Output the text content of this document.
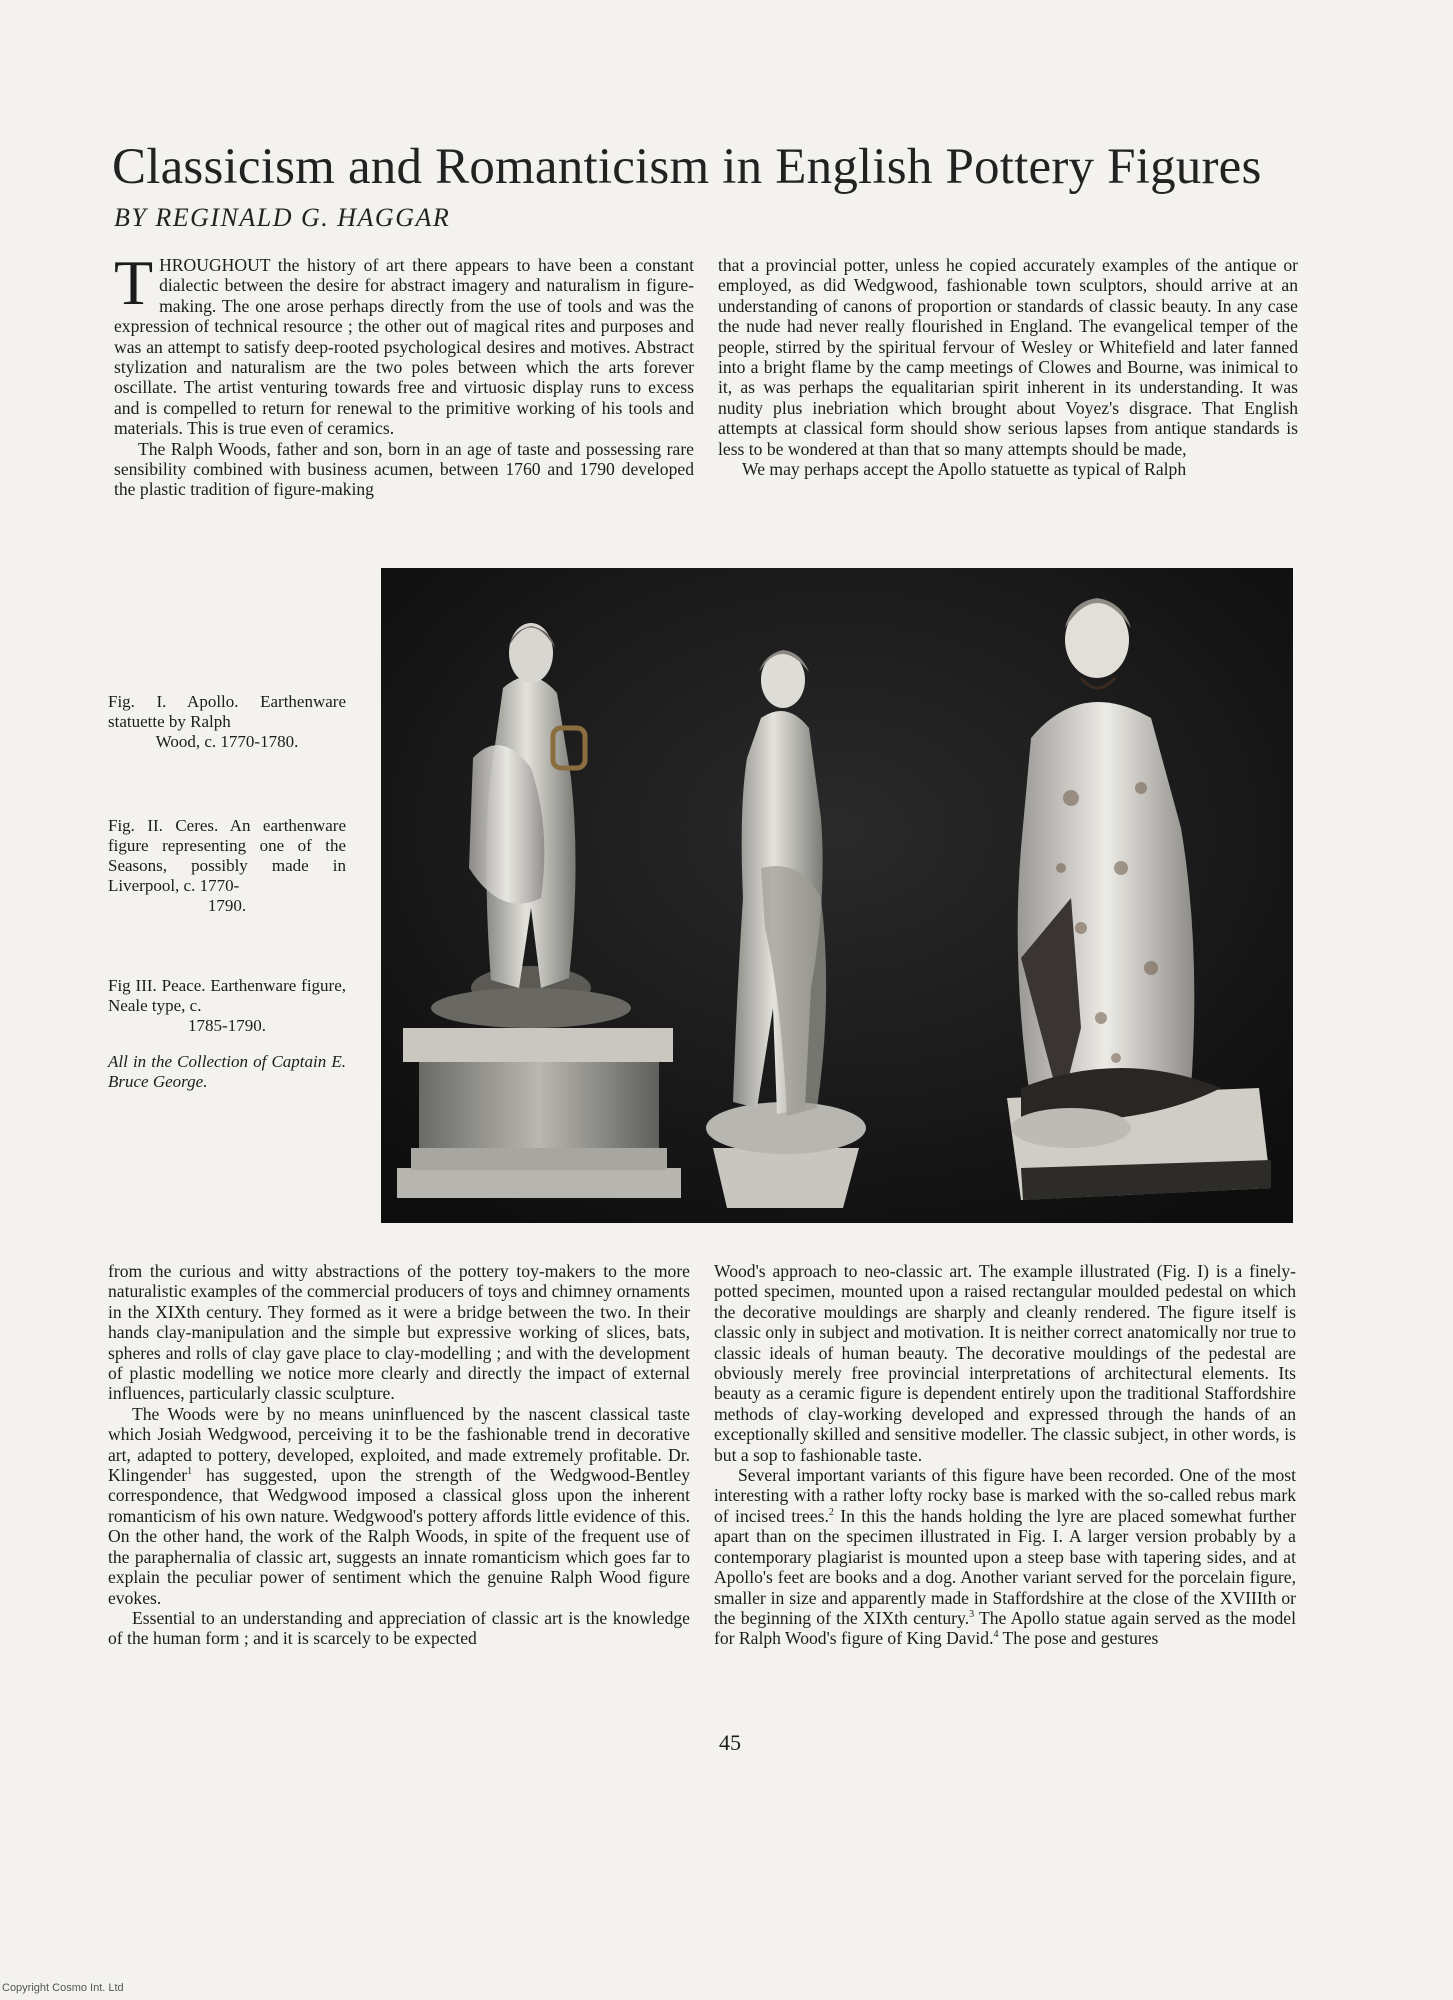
Classicism and Romanticism in English Pottery Figures
BY REGINALD G. HAGGAR

THROUGHOUT the history of art there appears to have been a constant dialectic between the desire for abstract imagery and naturalism in figure-making. The one arose perhaps directly from the use of tools and was the expression of technical resource ; the other out of magical rites and purposes and was an attempt to satisfy deep-rooted psychological desires and motives. Abstract stylization and naturalism are the two poles between which the arts forever oscillate. The artist venturing towards free and virtuosic display runs to excess and is compelled to return for renewal to the primitive working of his tools and materials. This is true even of ceramics.

The Ralph Woods, father and son, born in an age of taste and possessing rare sensibility combined with business acumen, between 1760 and 1790 developed the plastic tradition of figure-making

that a provincial potter, unless he copied accurately examples of the antique or employed, as did Wedgwood, fashionable town sculptors, should arrive at an understanding of canons of proportion or standards of classic beauty. In any case the nude had never really flourished in England. The evangelical temper of the people, stirred by the spiritual fervour of Wesley or Whitefield and later fanned into a bright flame by the camp meetings of Clowes and Bourne, was inimical to it, as was perhaps the equalitarian spirit inherent in its understanding. It was nudity plus inebriation which brought about Voyez's disgrace. That English attempts at classical form should show serious lapses from antique standards is less to be wondered at than that so many attempts should be made,

We may perhaps accept the Apollo statuette as typical of Ralph

Fig. I. Apollo. Earthenware statuette by Ralph
Wood, c. 1770-1780.
Fig. II. Ceres. An earthenware figure representing one of the Seasons, possibly made in Liverpool, c. 1770-
1790.
Fig III. Peace. Earthenware figure, Neale type, c.
1785-1790.
All in the Collection of Captain E. Bruce George.

from the curious and witty abstractions of the pottery toy-makers to the more naturalistic examples of the commercial producers of toys and chimney ornaments in the XIXth century. They formed as it were a bridge between the two. In their hands clay-manipulation and the simple but expressive working of slices, bats, spheres and rolls of clay gave place to clay-modelling ; and with the development of plastic modelling we notice more clearly and directly the impact of external influences, particularly classic sculpture.

The Woods were by no means uninfluenced by the nascent classical taste which Josiah Wedgwood, perceiving it to be the fashionable trend in decorative art, adapted to pottery, developed, exploited, and made extremely profitable. Dr. Klingender$^1$ has suggested, upon the strength of the Wedgwood-Bentley correspondence, that Wedgwood imposed a classical gloss upon the inherent romanticism of his own nature. Wedgwood's pottery affords little evidence of this. On the other hand, the work of the Ralph Woods, in spite of the frequent use of the paraphernalia of classic art, suggests an innate romanticism which goes far to explain the peculiar power of sentiment which the genuine Ralph Wood figure evokes.

Essential to an understanding and appreciation of classic art is the knowledge of the human form ; and it is scarcely to be expected

Wood's approach to neo-classic art. The example illustrated (Fig. I) is a finely-potted specimen, mounted upon a raised rectangular moulded pedestal on which the decorative mouldings are sharply and cleanly rendered. The figure itself is classic only in subject and motivation. It is neither correct anatomically nor true to classic ideals of human beauty. The decorative mouldings of the pedestal are obviously merely free provincial interpretations of architectural elements. Its beauty as a ceramic figure is dependent entirely upon the traditional Staffordshire methods of clay-working developed and expressed through the hands of an exceptionally skilled and sensitive modeller. The classic subject, in other words, is but a sop to fashionable taste.

Several important variants of this figure have been recorded. One of the most interesting with a rather lofty rocky base is marked with the so-called rebus mark of incised trees.$^2$ In this the hands holding the lyre are placed somewhat further apart than on the specimen illustrated in Fig. I. A larger version probably by a contemporary plagiarist is mounted upon a steep base with tapering sides, and at Apollo's feet are books and a dog. Another variant served for the porcelain figure, smaller in size and apparently made in Staffordshire at the close of the XVIIIth or the beginning of the XIXth century.$^3$ The Apollo statue again served as the model for Ralph Wood's figure of King David.$^4$ The pose and gestures

45
Copyright Cosmo Int. Ltd
